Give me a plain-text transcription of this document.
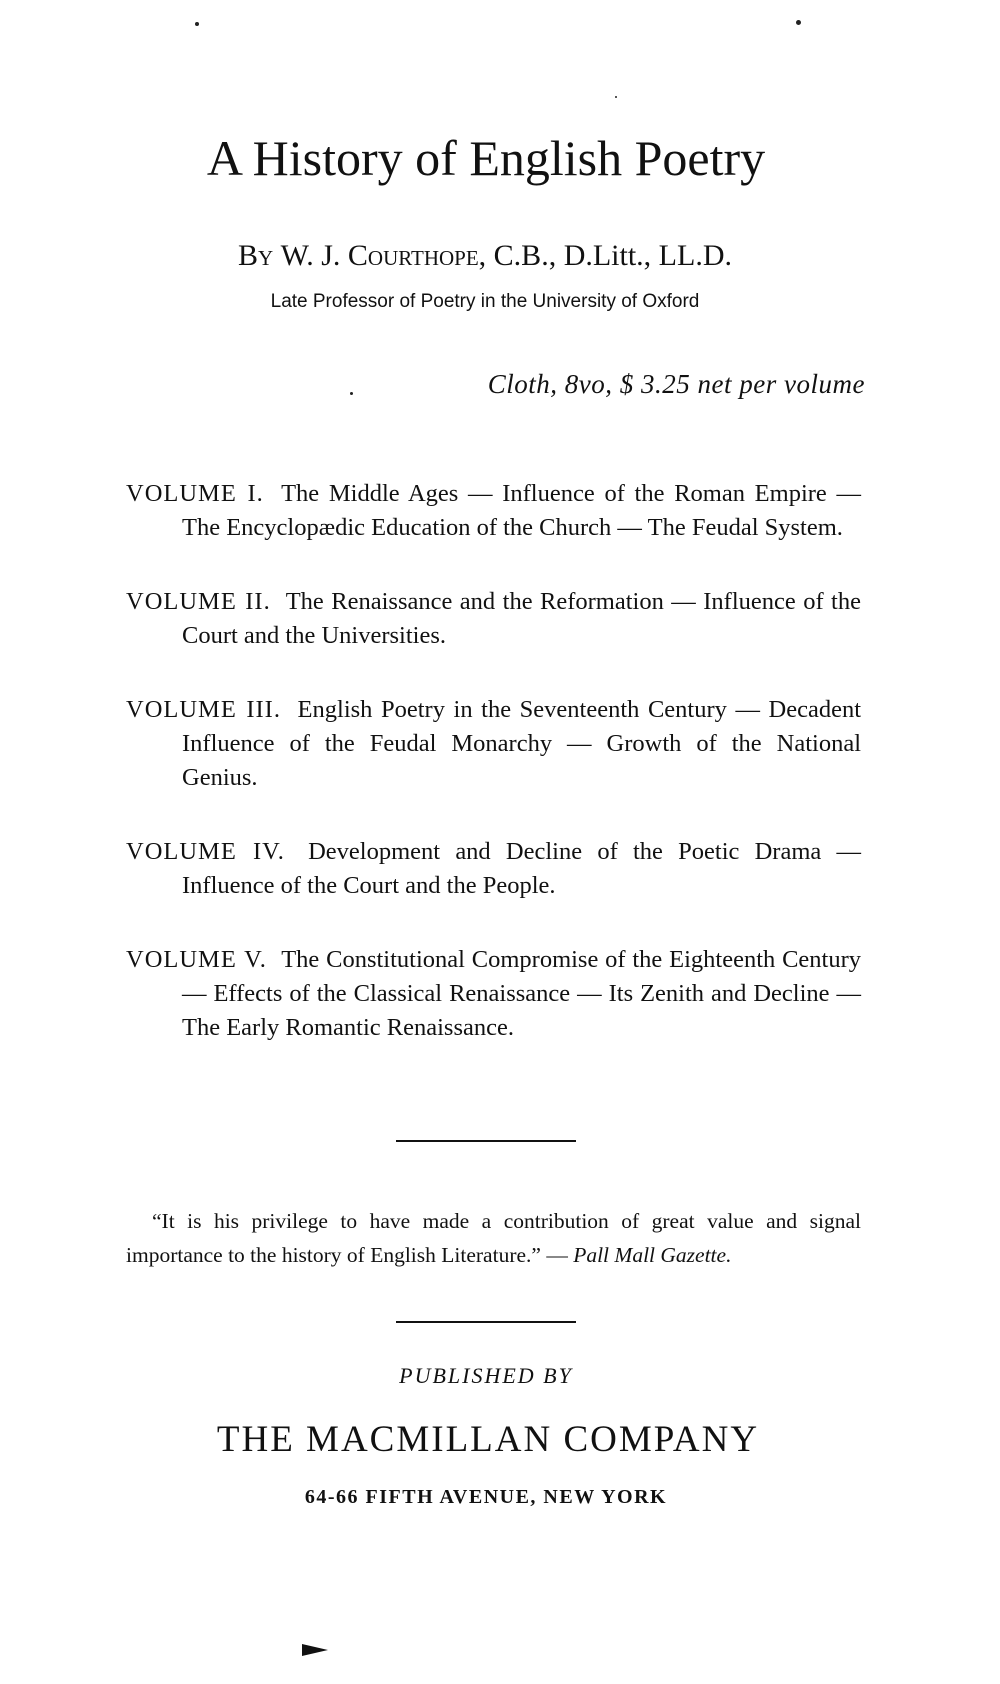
A History of English Poetry
By W. J. Courthope, C.B., D.Litt., LL.D.
Late Professor of Poetry in the University of Oxford
Cloth, 8vo, $ 3.25 net per volume

VOLUME I. The Middle Ages — Influence of the Roman Empire — The Encyclopædic Education of the Church — The Feudal System.

VOLUME II. The Renaissance and the Reformation — Influence of the Court and the Universities.

VOLUME III. English Poetry in the Seventeenth Century — Decadent Influence of the Feudal Monarchy — Growth of the National Genius.

VOLUME IV. Development and Decline of the Poetic Drama — Influence of the Court and the People.

VOLUME V. The Constitutional Compromise of the Eighteenth Century — Effects of the Classical Renaissance — Its Zenith and Decline — The Early Romantic Renaissance.

“It is his privilege to have made a contribution of great value and signal importance to the history of English Literature.” — Pall Mall Gazette.

PUBLISHED BY
THE MACMILLAN COMPANY
64-66 FIFTH AVENUE, NEW YORK
